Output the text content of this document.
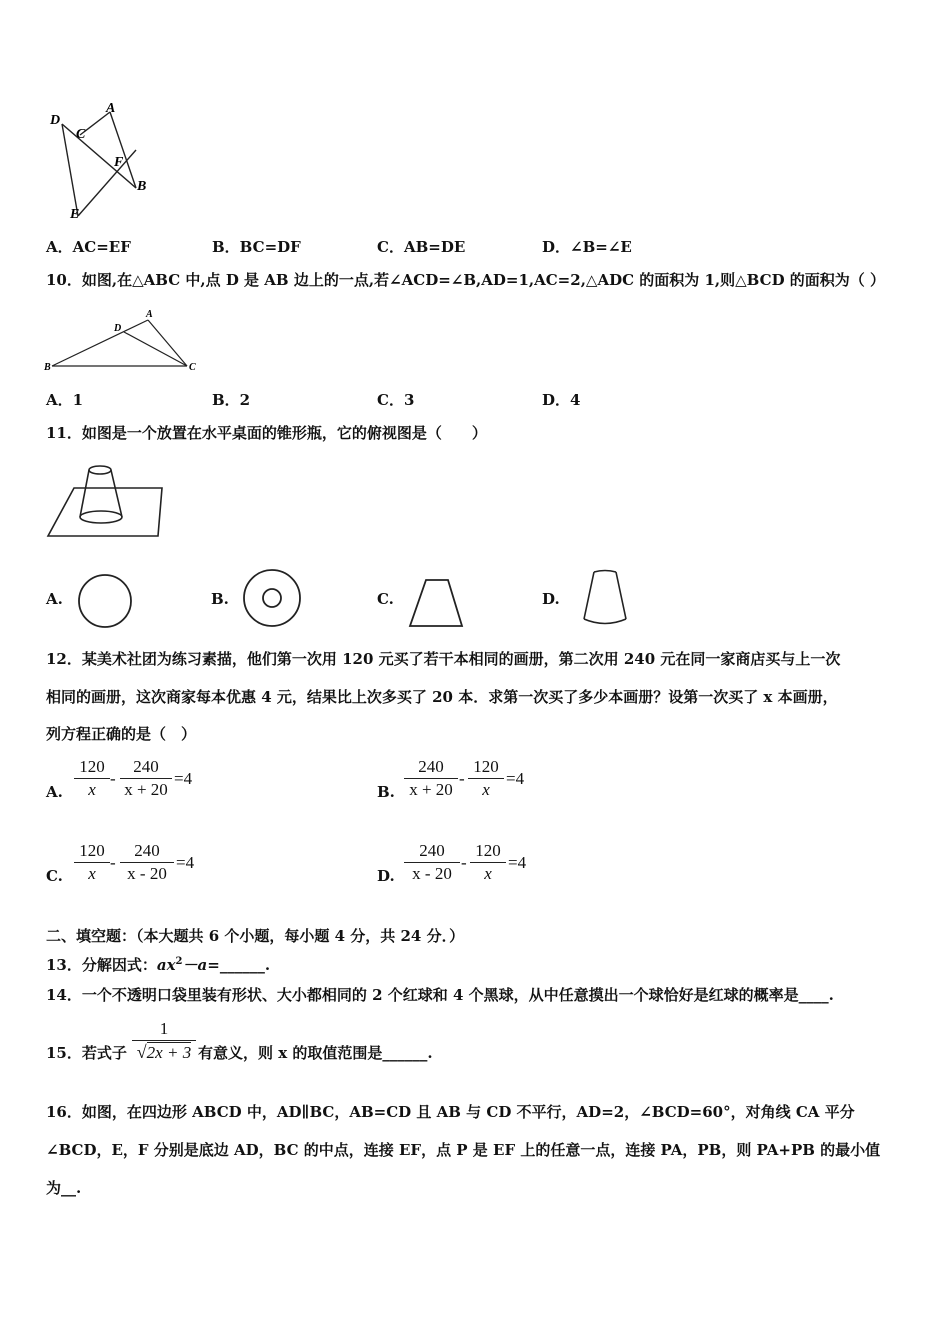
D
C
A
F
B
E
A．AC=EF	B．BC=DF	C．AB=DE	D．∠B=∠E
10．如图,在△ABC 中,点 D 是 AB 边上的一点,若∠ACD=∠B,AD=1,AC=2,△ADC 的面积为 1,则△BCD 的面积为（ ）
B
D
A
C
A．1	B．2	C．3	D．4
11．如图是一个放置在水平桌面的锥形瓶，它的俯视图是（　　）
A.	B.	C.	D.
12．某美术社团为练习素描，他们第一次用 120 元买了若干本相同的画册，第二次用 240 元在同一家商店买与上一次
相同的画册，这次商家每本优惠 4 元，结果比上次多买了 20 本．求第一次买了多少本画册？设第一次买了 x 本画册，
列方程正确的是（　）
A.
120
x
-
240
x + 20
=4
B.
240
x + 20
-
120
x
=4
C.
120
x
-
240
x - 20
=4
D.
240
x - 20
-
120
x
=4
二、填空题：（本大题共 6 个小题，每小题 4 分，共 24 分．）
13．分解因式：$ax^2-a=\_\_\_\_\_\_$.
14．一个不透明口袋里装有形状、大小都相同的 2 个红球和 4 个黑球，从中任意摸出一个球恰好是红球的概率是____.
15．若式子
1
√2x + 3 有意义，则 x 的取值范围是______.
16．如图，在四边形 ABCD 中，AD∥BC，AB=CD 且 AB 与 CD 不平行，AD=2，∠BCD=60°，对角线 CA 平分
∠BCD，E，F 分别是底边 AD，BC 的中点，连接 EF，点 P 是 EF 上的任意一点，连接 PA，PB，则 PA+PB 的最小值
为__.
